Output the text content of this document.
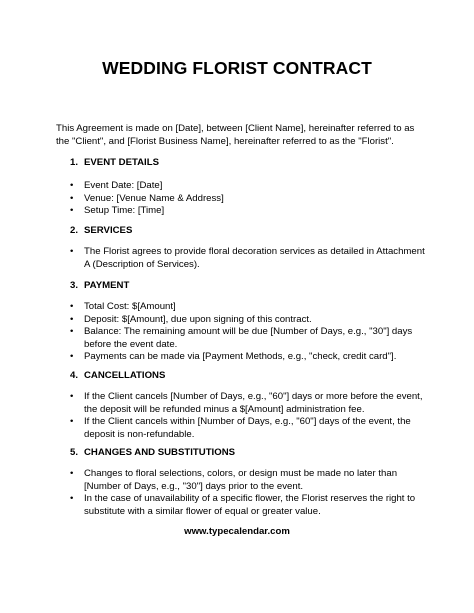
WEDDING FLORIST CONTRACT

This Agreement is made on [Date], between [Client Name], hereinafter referred to as the "Client", and [Florist Business Name], hereinafter referred to as the "Florist".

1. EVENT DETAILS
• Event Date: [Date]
• Venue: [Venue Name & Address]
• Setup Time: [Time]
2. SERVICES
• The Florist agrees to provide floral decoration services as detailed in Attachment A (Description of Services).
3. PAYMENT
• Total Cost: $[Amount]
• Deposit: $[Amount], due upon signing of this contract.
• Balance: The remaining amount will be due [Number of Days, e.g., "30"] days before the event date.
• Payments can be made via [Payment Methods, e.g., "check, credit card"].
4. CANCELLATIONS
• If the Client cancels [Number of Days, e.g., "60"] days or more before the event, the deposit will be refunded minus a $[Amount] administration fee.
• If the Client cancels within [Number of Days, e.g., "60"] days of the event, the deposit is non-refundable.
5. CHANGES AND SUBSTITUTIONS
• Changes to floral selections, colors, or design must be made no later than [Number of Days, e.g., "30"] days prior to the event.
• In the case of unavailability of a specific flower, the Florist reserves the right to substitute with a similar flower of equal or greater value.

www.typecalendar.com
